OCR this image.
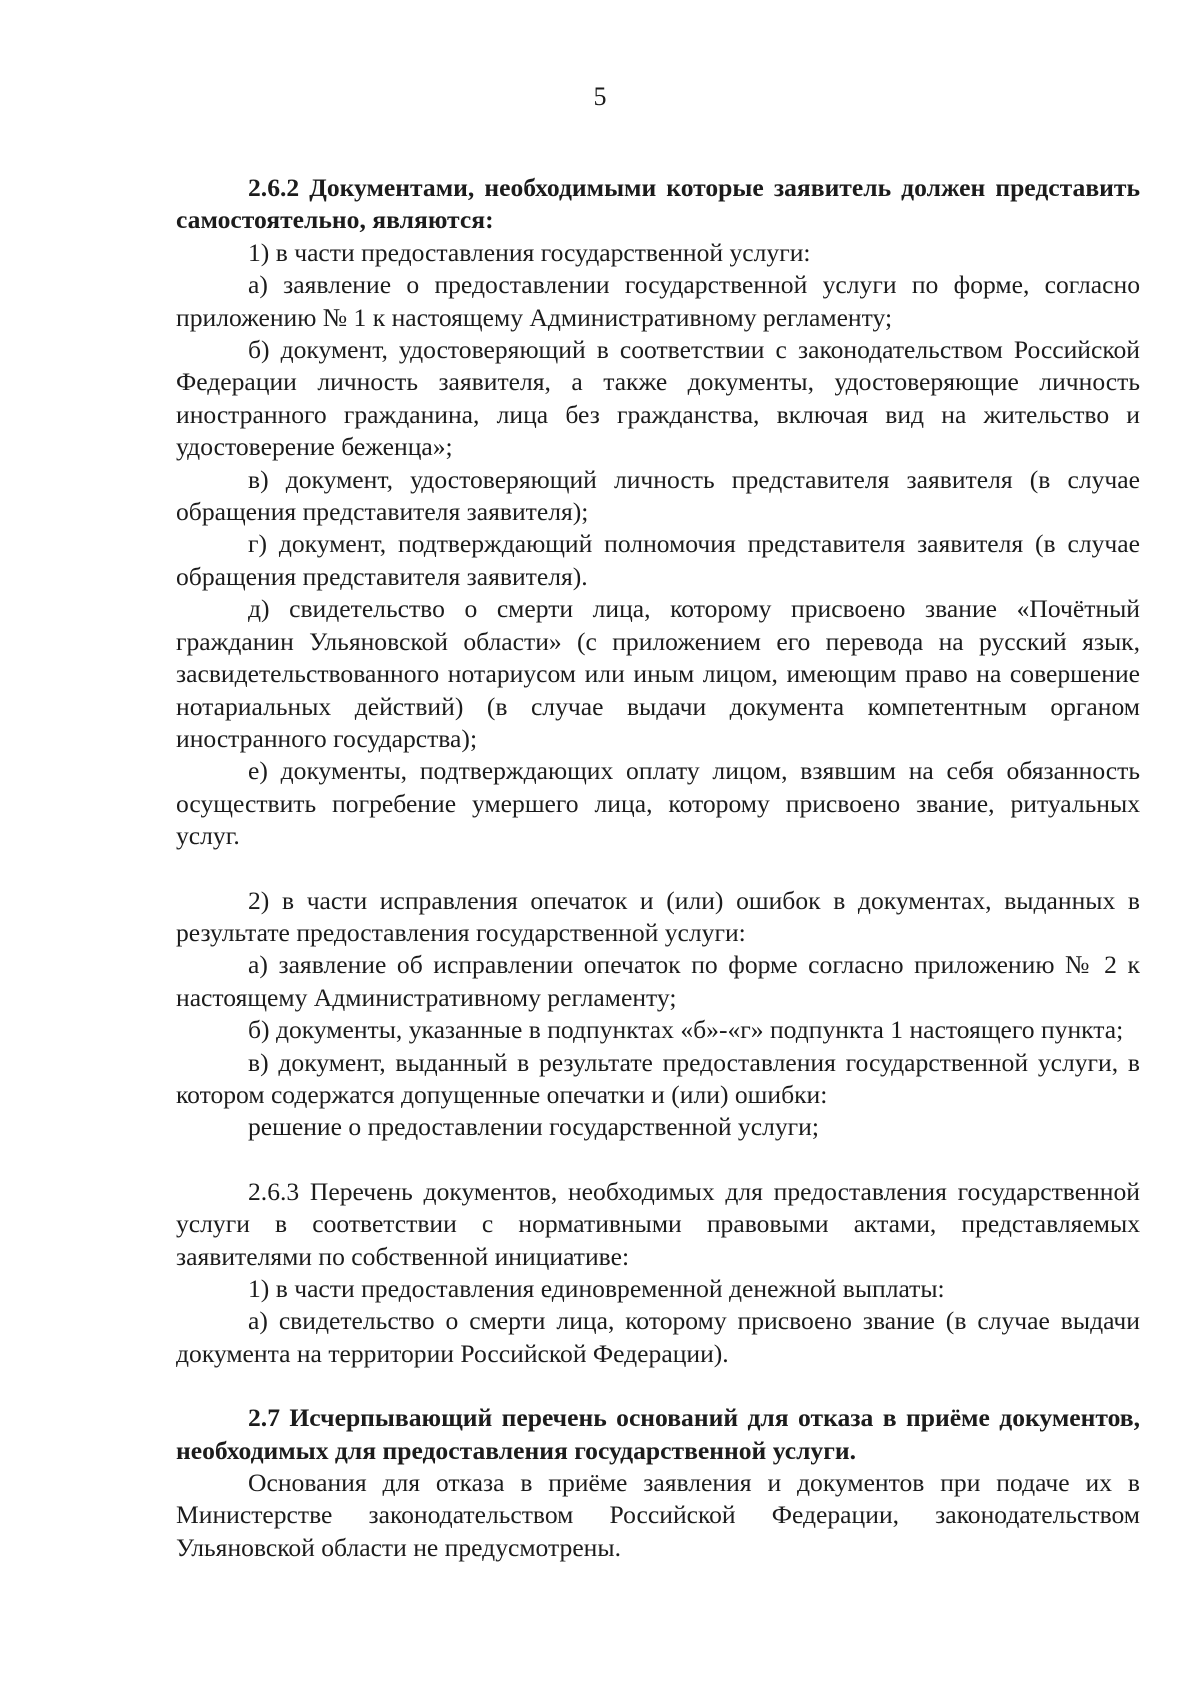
5

2.6.2 Документами, необходимыми которые заявитель должен представить самостоятельно, являются:

1) в части предоставления государственной услуги:

а) заявление о предоставлении государственной услуги по форме, согласно приложению № 1 к настоящему Административному регламенту;

б) документ, удостоверяющий в соответствии с законодательством Российской Федерации личность заявителя, а также документы, удостоверяющие личность иностранного гражданина, лица без гражданства, включая вид на жительство и удостоверение беженца»;

в) документ, удостоверяющий личность представителя заявителя (в случае обращения представителя заявителя);

г) документ, подтверждающий полномочия представителя заявителя (в случае обращения представителя заявителя).

д) свидетельство о смерти лица, которому присвоено звание «Почётный гражданин Ульяновской области» (с приложением его перевода на русский язык, засвидетельствованного нотариусом или иным лицом, имеющим право на совершение нотариальных действий) (в случае выдачи документа компетентным органом иностранного государства);

е) документы, подтверждающих оплату лицом, взявшим на себя обязанность осуществить погребение умершего лица, которому присвоено звание, ритуальных услуг.

2) в части исправления опечаток и (или) ошибок в документах, выданных в результате предоставления государственной услуги:

а) заявление об исправлении опечаток по форме согласно приложению № 2 к настоящему Административному регламенту;

б) документы, указанные в подпунктах «б»-«г» подпункта 1 настоящего пункта;

в) документ, выданный в результате предоставления государственной услуги, в котором содержатся допущенные опечатки и (или) ошибки:

решение о предоставлении государственной услуги;

2.6.3 Перечень документов, необходимых для предоставления государственной услуги в соответствии с нормативными правовыми актами, представляемых заявителями по собственной инициативе:

1) в части предоставления единовременной денежной выплаты:

а) свидетельство о смерти лица, которому присвоено звание (в случае выдачи документа на территории Российской Федерации).

2.7 Исчерпывающий перечень оснований для отказа в приёме документов, необходимых для предоставления государственной услуги.

Основания для отказа в приёме заявления и документов при подаче их в Министерстве законодательством Российской Федерации, законодательством Ульяновской области не предусмотрены.
